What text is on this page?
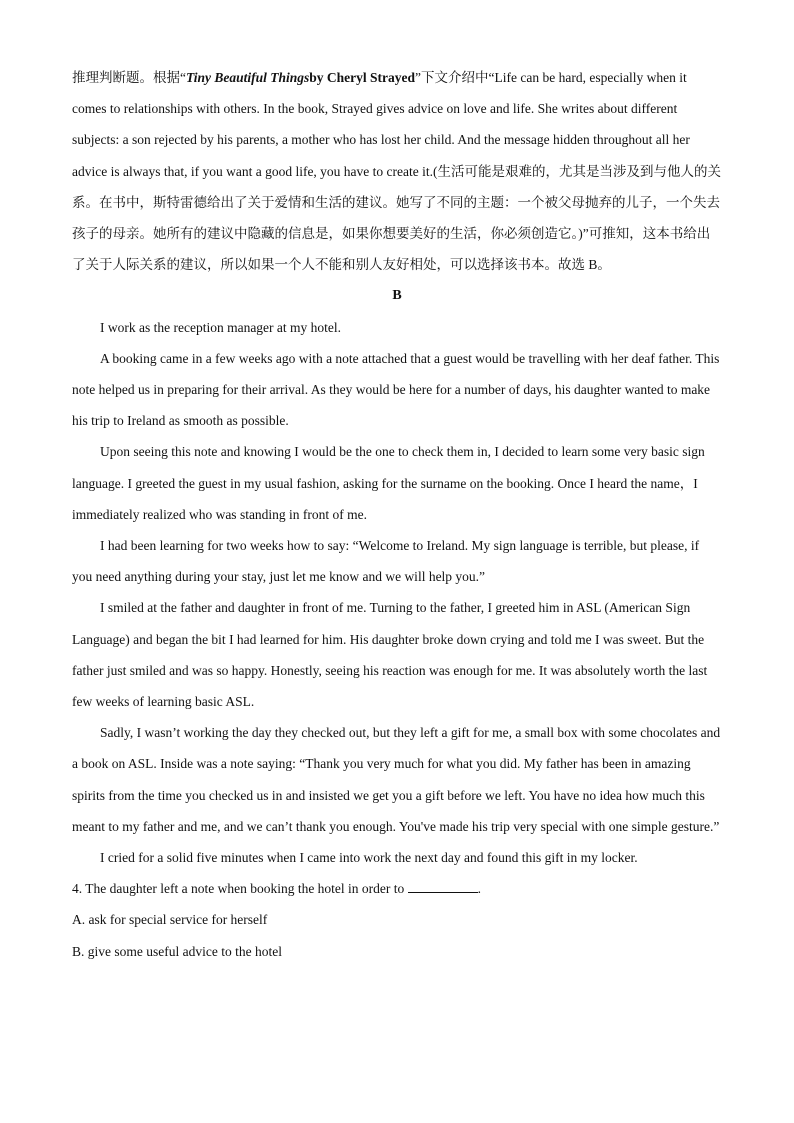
推理判断题。根据“Tiny Beautiful Thingsby Cheryl Strayed”下文介绍中“Life can be hard, especially when it comes to relationships with others. In the book, Strayed gives advice on love and life. She writes about different subjects: a son rejected by his parents, a mother who has lost her child. And the message hidden throughout all her advice is always that, if you want a good life, you have to create it.(生活可能是艰难的，尤其是当涉及到与他人的关系。在书中，斯特雷德给出了关于爱情和生活的建议。她写了不同的主题：一个被父母抛弃的儿子，一个失去孩子的母亲。她所有的建议中隐藏的信息是，如果你想要美好的生活，你必须创造它。)”可推知，这本书给出了关于人际关系的建议，所以如果一个人不能和别人友好相处，可以选择该书本。故选 B。

B

I work as the reception manager at my hotel.

A booking came in a few weeks ago with a note attached that a guest would be travelling with her deaf father. This note helped us in preparing for their arrival. As they would be here for a number of days, his daughter wanted to make his trip to Ireland as smooth as possible.

Upon seeing this note and knowing I would be the one to check them in, I decided to learn some very basic sign language. I greeted the guest in my usual fashion, asking for the surname on the booking. Once I heard the name，I immediately realized who was standing in front of me.

I had been learning for two weeks how to say: “Welcome to Ireland. My sign language is terrible, but please, if you need anything during your stay, just let me know and we will help you.”

I smiled at the father and daughter in front of me. Turning to the father, I greeted him in ASL (American Sign Language) and began the bit I had learned for him. His daughter broke down crying and told me I was sweet. But the father just smiled and was so happy. Honestly, seeing his reaction was enough for me. It was absolutely worth the last few weeks of learning basic ASL.

Sadly, I wasn’t working the day they checked out, but they left a gift for me, a small box with some chocolates and a book on ASL. Inside was a note saying: “Thank you very much for what you did. My father has been in amazing spirits from the time you checked us in and insisted we get you a gift before we left. You have no idea how much this meant to my father and me, and we can’t thank you enough. You've made his trip very special with one simple gesture.”

I cried for a solid five minutes when I came into work the next day and found this gift in my locker.

4. The daughter left a note when booking the hotel in order to	.

A. ask for special service for herself

B. give some useful advice to the hotel
